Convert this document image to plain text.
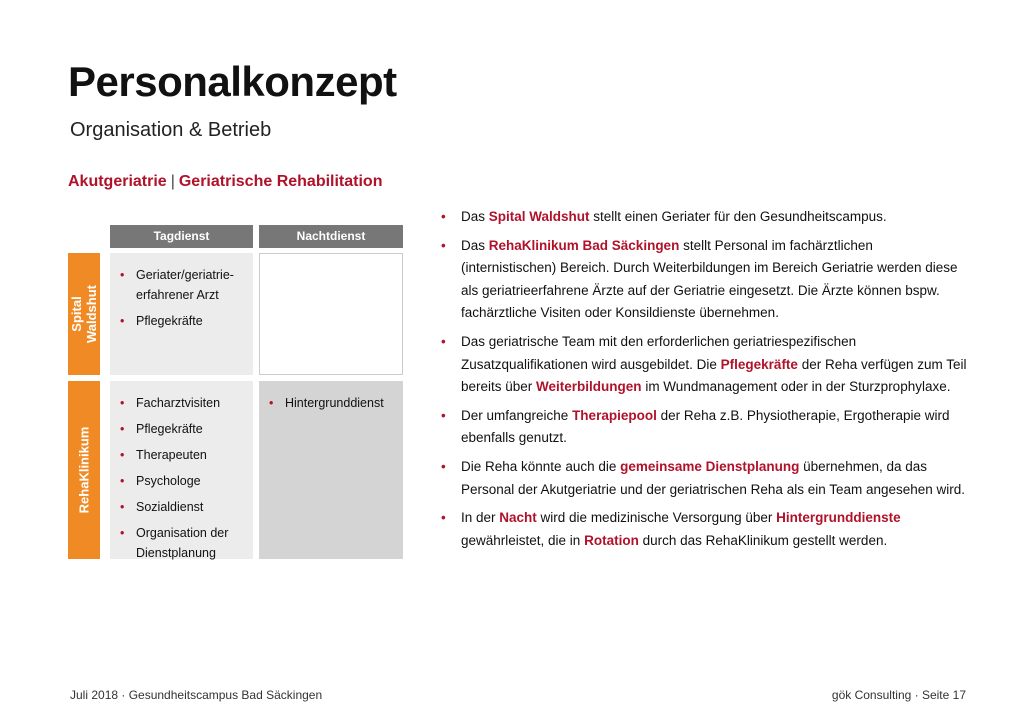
Personalkonzept
Organisation & Betrieb
Akutgeriatrie | Geriatrische Rehabilitation
Tagdienst	Nachtdienst
Spital Waldshut
• Geriater/geriatrie-erfahrener Arzt
• Pflegekräfte
RehaKlinikum
• Facharztvisiten
• Pflegekräfte
• Therapeuten
• Psychologe
• Sozialdienst
• Organisation der Dienstplanung
• Hintergrunddienst
• Das Spital Waldshut stellt einen Geriater für den Gesundheitscampus.
• Das RehaKlinikum Bad Säckingen stellt Personal im fachärztlichen (internistischen) Bereich. Durch Weiterbildungen im Bereich Geriatrie werden diese als geriatrieerfahrene Ärzte auf der Geriatrie eingesetzt. Die Ärzte können bspw. fachärztliche Visiten oder Konsildienste übernehmen.
• Das geriatrische Team mit den erforderlichen geriatriespezifischen Zusatzqualifikationen wird ausgebildet. Die Pflegekräfte der Reha verfügen zum Teil bereits über Weiterbildungen im Wundmanagement oder in der Sturzprophylaxe.
• Der umfangreiche Therapiepool der Reha z.B. Physiotherapie, Ergotherapie wird ebenfalls genutzt.
• Die Reha könnte auch die gemeinsame Dienstplanung übernehmen, da das Personal der Akutgeriatrie und der geriatrischen Reha als ein Team angesehen wird.
• In der Nacht wird die medizinische Versorgung über Hintergrunddienste gewährleistet, die in Rotation durch das RehaKlinikum gestellt werden.
Juli 2018 · Gesundheitscampus Bad Säckingen	gök Consulting · Seite 17
